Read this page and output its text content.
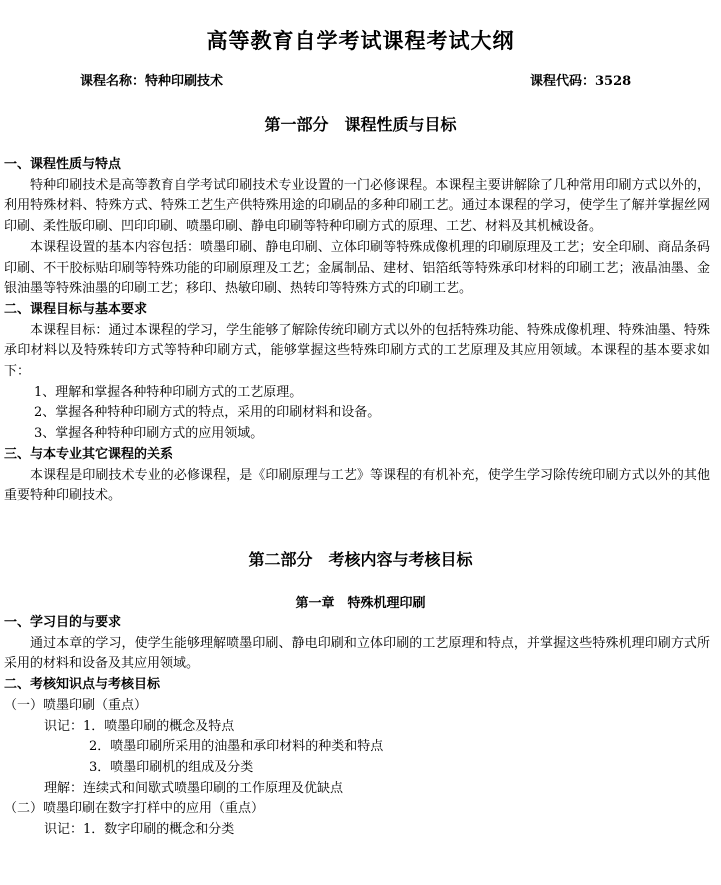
高等教育自学考试课程考试大纲
课程名称：特种印刷技术	课程代码：3528
第一部分　课程性质与目标
一、课程性质与特点

特种印刷技术是高等教育自学考试印刷技术专业设置的一门必修课程。本课程主要讲解除了几种常用印刷方式以外的，利用特殊材料、特殊方式、特殊工艺生产供特殊用途的印刷品的多种印刷工艺。通过本课程的学习，使学生了解并掌握丝网印刷、柔性版印刷、凹印印刷、喷墨印刷、静电印刷等特种印刷方式的原理、工艺、材料及其机械设备。

本课程设置的基本内容包括：喷墨印刷、静电印刷、立体印刷等特殊成像机理的印刷原理及工艺；安全印刷、商品条码印刷、不干胶标贴印刷等特殊功能的印刷原理及工艺；金属制品、建材、铝箔纸等特殊承印材料的印刷工艺；液晶油墨、金银油墨等特殊油墨的印刷工艺；移印、热敏印刷、热转印等特殊方式的印刷工艺。

二、课程目标与基本要求

本课程目标：通过本课程的学习，学生能够了解除传统印刷方式以外的包括特殊功能、特殊成像机理、特殊油墨、特殊承印材料以及特殊转印方式等特种印刷方式，能够掌握这些特殊印刷方式的工艺原理及其应用领域。本课程的基本要求如下：

1、理解和掌握各种特种印刷方式的工艺原理。

2、掌握各种特种印刷方式的特点，采用的印刷材料和设备。

3、掌握各种特种印刷方式的应用领域。

三、与本专业其它课程的关系

本课程是印刷技术专业的必修课程，是《印刷原理与工艺》等课程的有机补充，使学生学习除传统印刷方式以外的其他重要特种印刷技术。

第二部分　考核内容与考核目标
第一章　特殊机理印刷
一、学习目的与要求

通过本章的学习，使学生能够理解喷墨印刷、静电印刷和立体印刷的工艺原理和特点，并掌握这些特殊机理印刷方式所采用的材料和设备及其应用领域。

二、考核知识点与考核目标
（一）喷墨印刷（重点）
识记：1．喷墨印刷的概念及特点
2．喷墨印刷所采用的油墨和承印材料的种类和特点
3．喷墨印刷机的组成及分类
理解：连续式和间歇式喷墨印刷的工作原理及优缺点
（二）喷墨印刷在数字打样中的应用（重点）
识记：1．数字印刷的概念和分类
